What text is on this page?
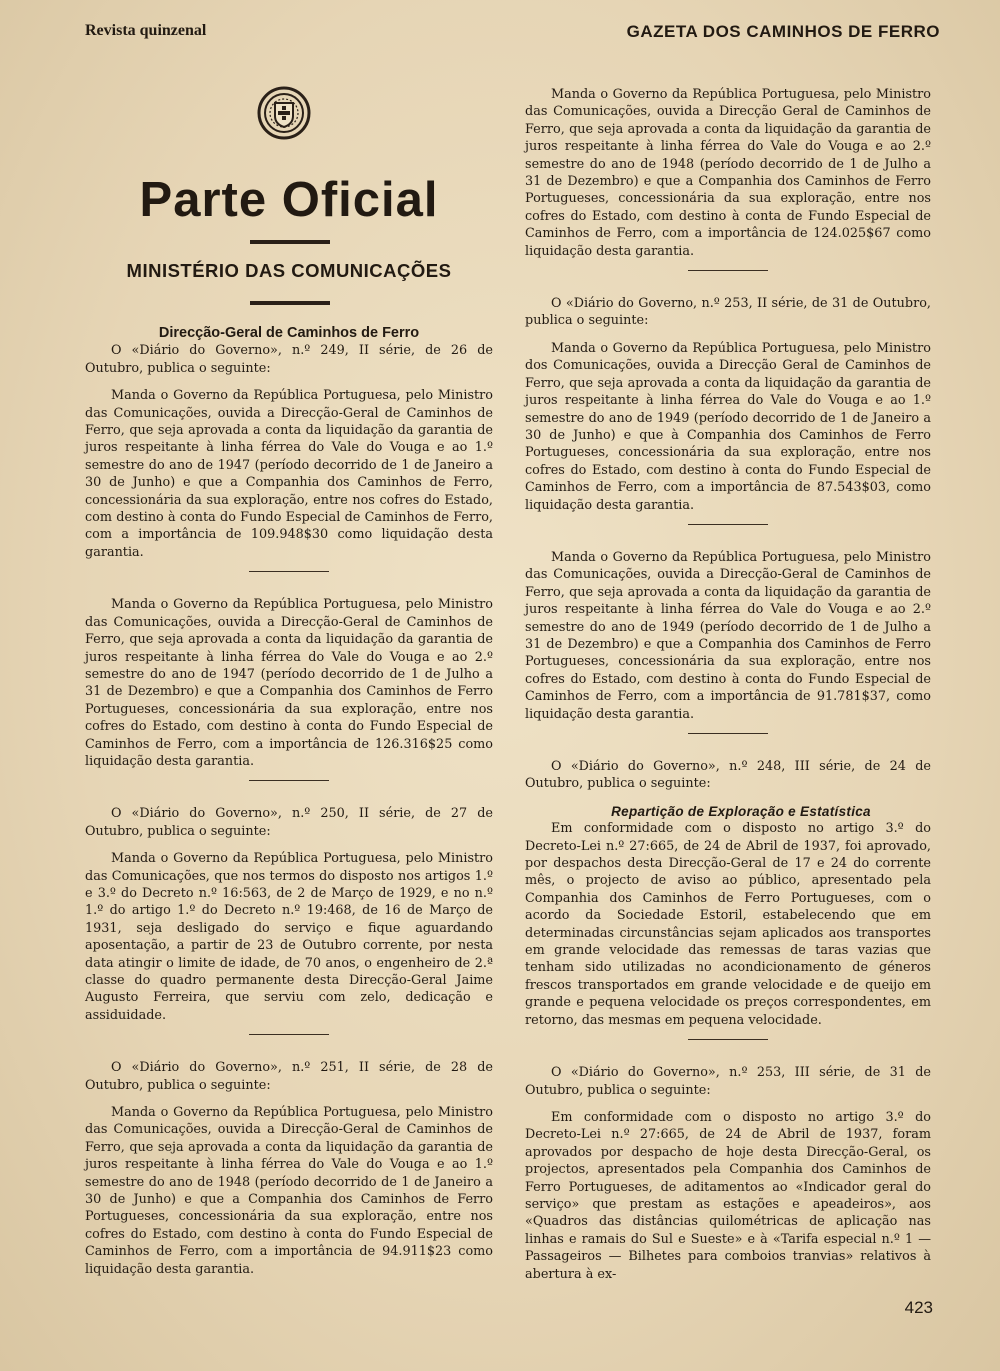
Revista quinzenal	GAZETA DOS CAMINHOS DE FERRO
Parte Oficial
MINISTÉRIO DAS COMUNICAÇÕES

Direcção-Geral de Caminhos de Ferro

O «Diário do Governo», n.º 249, II série, de 26 de Outubro, publica o seguinte:

Manda o Governo da República Portuguesa, pelo Ministro das Comunicações, ouvida a Direcção-Geral de Caminhos de Ferro, que seja aprovada a conta da liquidação da garantia de juros respeitante à linha férrea do Vale do Vouga e ao 1.º semestre do ano de 1947 (período decorrido de 1 de Janeiro a 30 de Junho) e que a Companhia dos Caminhos de Ferro, concessionária da sua exploração, entre nos cofres do Estado, com destino à conta do Fundo Especial de Caminhos de Ferro, com a importância de 109.948$30 como liquidação desta garantia.

Manda o Governo da República Portuguesa, pelo Ministro das Comunicações, ouvida a Direcção-Geral de Caminhos de Ferro, que seja aprovada a conta da liquidação da garantia de juros respeitante à linha férrea do Vale do Vouga e ao 2.º semestre do ano de 1947 (período decorrido de 1 de Julho a 31 de Dezembro) e que a Companhia dos Caminhos de Ferro Portugueses, concessionária da sua exploração, entre nos cofres do Estado, com destino à conta do Fundo Especial de Caminhos de Ferro, com a importância de 126.316$25 como liquidação desta garantia.

O «Diário do Governo», n.º 250, II série, de 27 de Outubro, publica o seguinte:

Manda o Governo da República Portuguesa, pelo Ministro das Comunicações, que nos termos do disposto nos artigos 1.º e 3.º do Decreto n.º 16:563, de 2 de Março de 1929, e no n.º 1.º do artigo 1.º do Decreto n.º 19:468, de 16 de Março de 1931, seja desligado do serviço e fique aguardando aposentação, a partir de 23 de Outubro corrente, por nesta data atingir o limite de idade, de 70 anos, o engenheiro de 2.ª classe do quadro permanente desta Direcção-Geral Jaime Augusto Ferreira, que serviu com zelo, dedicação e assiduidade.

O «Diário do Governo», n.º 251, II série, de 28 de Outubro, publica o seguinte:

Manda o Governo da República Portuguesa, pelo Ministro das Comunicações, ouvida a Direcção-Geral de Caminhos de Ferro, que seja aprovada a conta da liquidação da garantia de juros respeitante à linha férrea do Vale do Vouga e ao 1.º semestre do ano de 1948 (período decorrido de 1 de Janeiro a 30 de Junho) e que a Companhia dos Caminhos de Ferro Portugueses, concessionária da sua exploração, entre nos cofres do Estado, com destino à conta do Fundo Especial de Caminhos de Ferro, com a importância de 94.911$23 como liquidação desta garantia.

Manda o Governo da República Portuguesa, pelo Ministro das Comunicações, ouvida a Direcção Geral de Caminhos de Ferro, que seja aprovada a conta da liquidação da garantia de juros respeitante à linha férrea do Vale do Vouga e ao 2.º semestre do ano de 1948 (período decorrido de 1 de Julho a 31 de Dezembro) e que a Companhia dos Caminhos de Ferro Portugueses, concessionária da sua exploração, entre nos cofres do Estado, com destino à conta de Fundo Especial de Caminhos de Ferro, com a importância de 124.025$67 como liquidação desta garantia.

O «Diário do Governo, n.º 253, II série, de 31 de Outubro, publica o seguinte:

Manda o Governo da República Portuguesa, pelo Ministro dos Comunicações, ouvida a Direcção Geral de Caminhos de Ferro, que seja aprovada a conta da liquidação da garantia de juros respeitante à linha férrea do Vale do Vouga e ao 1.º semestre do ano de 1949 (período decorrido de 1 de Janeiro a 30 de Junho) e que à Companhia dos Caminhos de Ferro Portugueses, concessionária da sua exploração, entre nos cofres do Estado, com destino à conta do Fundo Especial de Caminhos de Ferro, com a importância de 87.543$03, como liquidação desta garantia.

Manda o Governo da República Portuguesa, pelo Ministro das Comunicações, ouvida a Direcção-Geral de Caminhos de Ferro, que seja aprovada a conta da liquidação da garantia de juros respeitante à linha férrea do Vale do Vouga e ao 2.º semestre do ano de 1949 (período decorrido de 1 de Julho a 31 de Dezembro) e que a Companhia dos Caminhos de Ferro Portugueses, concessionária da sua exploração, entre nos cofres do Estado, com destino à conta do Fundo Especial de Caminhos de Ferro, com a importância de 91.781$37, como liquidação desta garantia.

O «Diário do Governo», n.º 248, III série, de 24 de Outubro, publica o seguinte:

Repartição de Exploração e Estatística

Em conformidade com o disposto no artigo 3.º do Decreto-Lei n.º 27:665, de 24 de Abril de 1937, foi aprovado, por despachos desta Direcção-Geral de 17 e 24 do corrente mês, o projecto de aviso ao público, apresentado pela Companhia dos Caminhos de Ferro Portugueses, com o acordo da Sociedade Estoril, estabelecendo que em determinadas circunstâncias sejam aplicados aos transportes em grande velocidade das remessas de taras vazias que tenham sido utilizadas no acondicionamento de géneros frescos transportados em grande velocidade e de queijo em grande e pequena velocidade os preços correspondentes, em retorno, das mesmas em pequena velocidade.

O «Diário do Governo», n.º 253, III série, de 31 de Outubro, publica o seguinte:

Em conformidade com o disposto no artigo 3.º do Decreto-Lei n.º 27:665, de 24 de Abril de 1937, foram aprovados por despacho de hoje desta Direcção-Geral, os projectos, apresentados pela Companhia dos Caminhos de Ferro Portugueses, de aditamentos ao «Indicador geral do serviço» que prestam as estações e apeadeiros», aos «Quadros das distâncias quilométricas de aplicação nas linhas e ramais do Sul e Sueste» e à «Tarifa especial n.º 1 — Passageiros — Bilhetes para comboios tranvias» relativos à abertura à ex-

423
